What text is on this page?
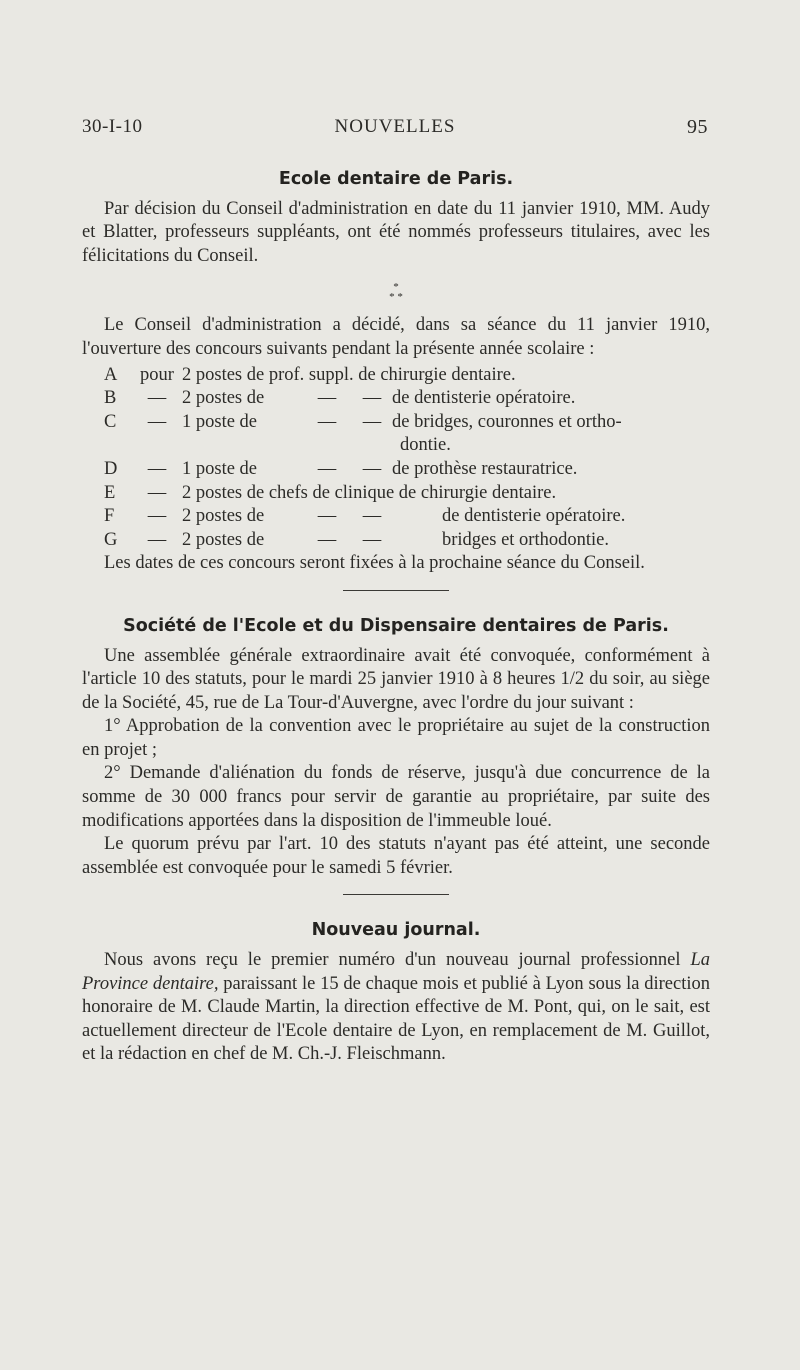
30-I-10	NOUVELLES	95
Ecole dentaire de Paris.

Par décision du Conseil d'administration en date du 11 janvier 1910, MM. Audy et Blatter, professeurs suppléants, ont été nommés professeurs titulaires, avec les félicitations du Conseil.

*
* *

Le Conseil d'administration a décidé, dans sa séance du 11 janvier 1910, l'ouverture des concours suivants pendant la présente année scolaire :

A	pour 2 postes de prof. suppl. de chirurgie dentaire.
B	— 2 postes de	—	— de dentisterie opératoire.
C	— 1 poste de	—	— de bridges, couronnes et ortho-
dontie.
D	— 1 poste de	—	— de prothèse restauratrice.
E	— 2 postes de chefs de clinique de chirurgie dentaire.
F	— 2 postes de	—	—	de dentisterie opératoire.
G	— 2 postes de	—	—	bridges et orthodontie.

Les dates de ces concours seront fixées à la prochaine séance du Conseil.

Société de l'Ecole et du Dispensaire dentaires de Paris.

Une assemblée générale extraordinaire avait été convoquée, conformément à l'article 10 des statuts, pour le mardi 25 janvier 1910 à 8 heures 1/2 du soir, au siège de la Société, 45, rue de La Tour-d'Auvergne, avec l'ordre du jour suivant :

1° Approbation de la convention avec le propriétaire au sujet de la construction en projet ;

2° Demande d'aliénation du fonds de réserve, jusqu'à due concurrence de la somme de 30 000 francs pour servir de garantie au propriétaire, par suite des modifications apportées dans la disposition de l'immeuble loué.

Le quorum prévu par l'art. 10 des statuts n'ayant pas été atteint, une seconde assemblée est convoquée pour le samedi 5 février.

Nouveau journal.

Nous avons reçu le premier numéro d'un nouveau journal professionnel La Province dentaire, paraissant le 15 de chaque mois et publié à Lyon sous la direction honoraire de M. Claude Martin, la direction effective de M. Pont, qui, on le sait, est actuellement directeur de l'Ecole dentaire de Lyon, en remplacement de M. Guillot, et la rédaction en chef de M. Ch.-J. Fleischmann.
